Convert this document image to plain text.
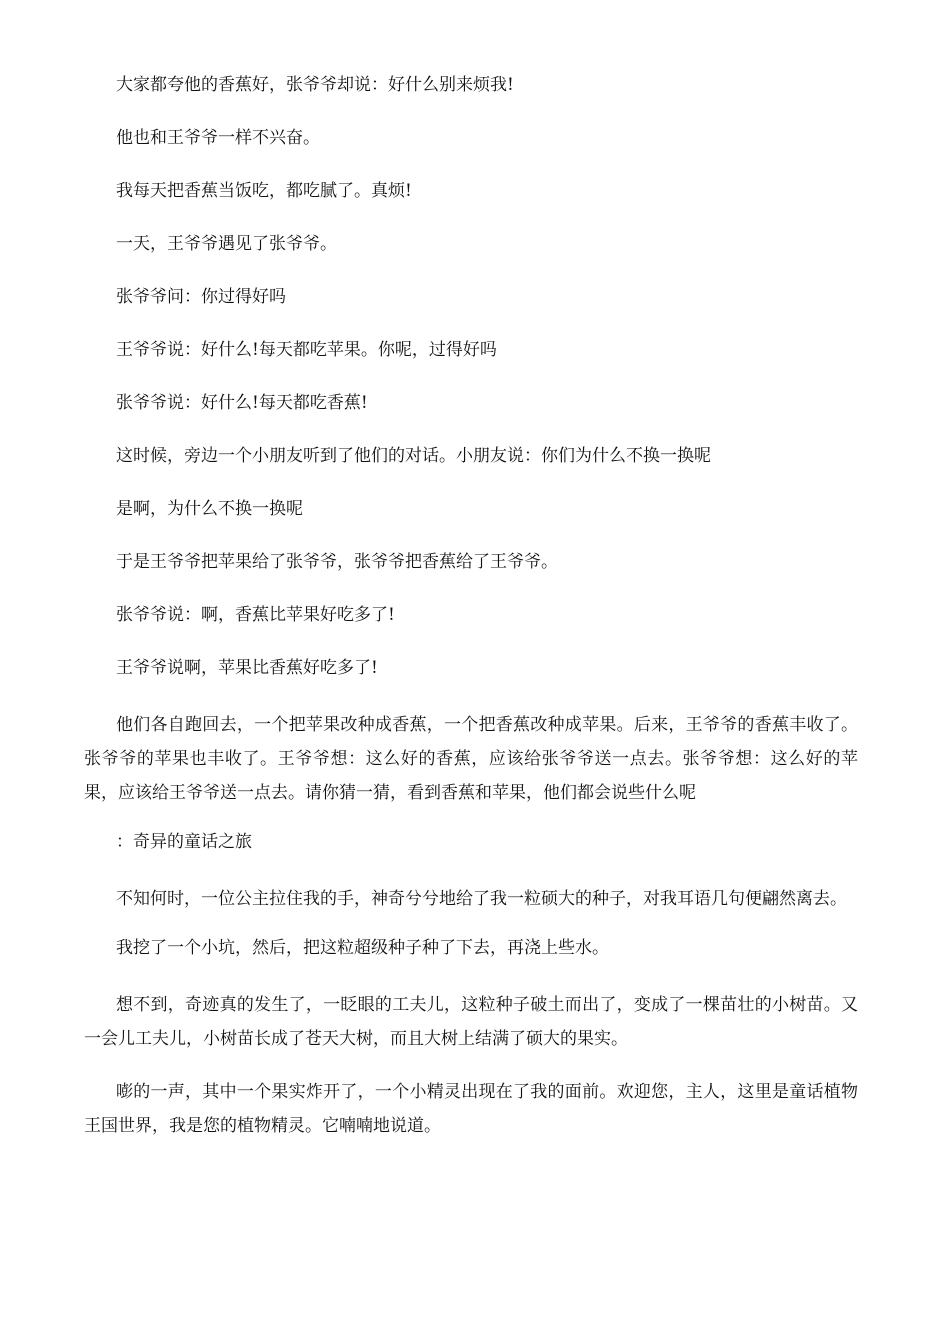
大家都夸他的香蕉好，张爷爷却说：好什么别来烦我!

他也和王爷爷一样不兴奋。

我每天把香蕉当饭吃，都吃腻了。真烦!

一天，王爷爷遇见了张爷爷。

张爷爷问：你过得好吗

王爷爷说：好什么!每天都吃苹果。你呢，过得好吗

张爷爷说：好什么!每天都吃香蕉!

这时候，旁边一个小朋友听到了他们的对话。小朋友说：你们为什么不换一换呢

是啊，为什么不换一换呢

于是王爷爷把苹果给了张爷爷，张爷爷把香蕉给了王爷爷。

张爷爷说：啊，香蕉比苹果好吃多了!

王爷爷说啊，苹果比香蕉好吃多了!

他们各自跑回去，一个把苹果改种成香蕉，一个把香蕉改种成苹果。后来，王爷爷的香蕉丰收了。张爷爷的苹果也丰收了。王爷爷想：这么好的香蕉，应该给张爷爷送一点去。张爷爷想：这么好的苹果，应该给王爷爷送一点去。请你猜一猜，看到香蕉和苹果，他们都会说些什么呢

：奇异的童话之旅

不知何时，一位公主拉住我的手，神奇兮兮地给了我一粒硕大的种子，对我耳语几句便翩然离去。

我挖了一个小坑，然后，把这粒超级种子种了下去，再浇上些水。

想不到，奇迹真的发生了，一眨眼的工夫儿，这粒种子破土而出了，变成了一棵苗壮的小树苗。又一会儿工夫儿，小树苗长成了苍天大树，而且大树上结满了硕大的果实。

嘭的一声，其中一个果实炸开了，一个小精灵出现在了我的面前。欢迎您，主人，这里是童话植物王国世界，我是您的植物精灵。它喃喃地说道。
